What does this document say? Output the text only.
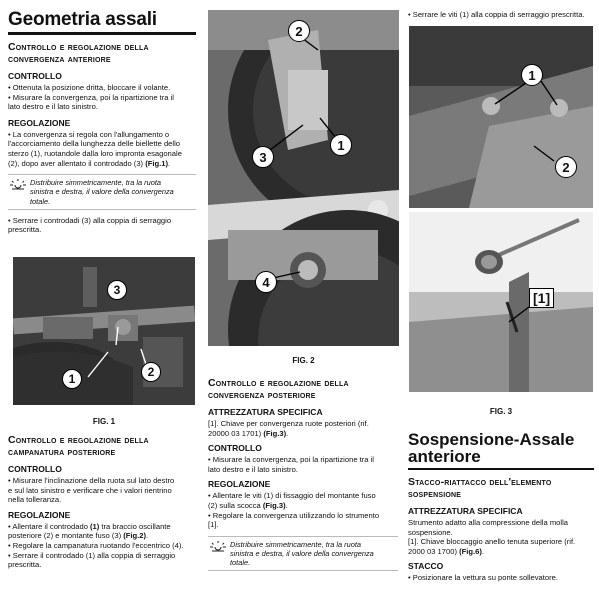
Geometria assali
Controllo e regolazione della
convergenza anteriore
CONTROLLO

• Ottenuta la posizione dritta, bloccare il volante.

• Misurare la convergenza, poi la ripartizione tra il

lato destro e il lato sinistro.

REGOLAZIONE

• La convergenza si regola con l'allungamento o

l'accorciamento della lunghezza delle biellette dello

sterzo (1), ruotandole dalla loro impronta esagonale

(2), dopo aver allentato il controdado (3) (Fig.1).

Distribuire simmetricamente, tra la ruota
sinistra e destra, il valore della convergenza
totale.

• Serrare i controdadi (3) alla coppia di serraggio

prescritta.

3
1	2
FIG. 1
Controllo e regolazione della
campanatura posteriore
CONTROLLO

• Misurare l'inclinazione della ruota sul lato destro

e sul lato sinistro e verificare che i valori rientrino

nella tolleranza.

REGOLAZIONE

• Allentare il controdado (1) tra braccio oscillante

posteriore (2) e montante fuso (3) (Fig.2).

• Regolare la campanatura ruotando l'eccentrico (4).

• Serrare il controdado (1) alla coppia di serraggio

prescritta.

2
3
1
4
FIG. 2
Controllo e regolazione della
convergenza posteriore
ATTREZZATURA SPECIFICA

[1]. Chiave per convergenza ruote posteriori (rif.

20000 03 1701) (Fig.3).

CONTROLLO

• Misurare la convergenza, poi la ripartizione tra il

lato destro e il lato sinistro.

REGOLAZIONE

• Allentare le viti (1) di fissaggio del montante fuso

(2) sulla scocca (Fig.3).

• Regolare la convergenza utilizzando lo strumento

[1].

Distribuire simmetricamente, tra la ruota
sinistra e destra, il valore della convergenza
totale.

• Serrare le viti (1) alla coppia di serraggio prescritta.

1
2
[1]
FIG. 3
Sospensione-Assale
anteriore
Stacco-riattacco dell'elemento
sospensione
ATTREZZATURA SPECIFICA

Strumento adatto alla compressione della molla

sospensione.

[1]. Chiave bloccaggio anello tenuta superiore (rif.

2000 03 1700) (Fig.6).

STACCO

• Posizionare la vettura su ponte sollevatore.
